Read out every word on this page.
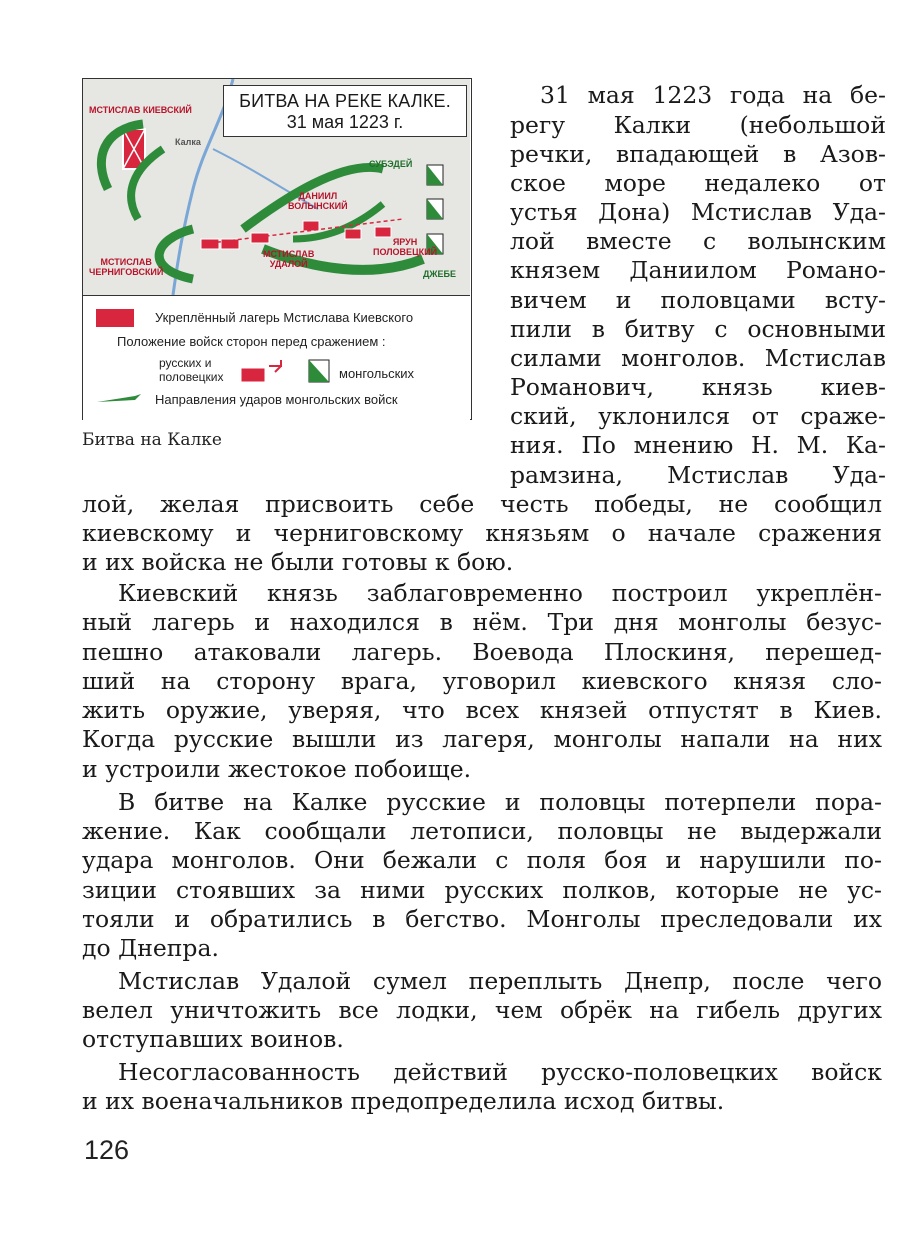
БИТВА НА РЕКЕ КАЛКЕ.
31 мая 1223 г.
МСТИСЛАВ КИЕВСКИЙ
Калка
СУБЭДЕЙ
ДАНИИЛ
ВОЛЫНСКИЙ
ЯРУН
ПОЛОВЕЦКИЙ
МСТИСЛАВ
УДАЛОЙ
МСТИСЛАВ
ЧЕРНИГОВСКИЙ	ДЖЕБЕ
Укреплённый лагерь Мстислава Киевского
Положение войск сторон перед сражением :
русских и
половецких	монгольских
Направления ударов монгольских войск
Битва на Калке
31 мая 1223 года на бе-
регу Калки (небольшой
речки, впадающей в Азов-
ское море недалеко от
устья Дона) Мстислав Уда-
лой вместе с волынским
князем Даниилом Романо-
вичем и половцами всту-
пили в битву с основными
силами монголов. Мстислав
Романович, князь киев-
ский, уклонился от сраже-
ния. По мнению Н. М. Ка-
рамзина, Мстислав Уда-
лой, желая присвоить себе честь победы, не сообщил
киевскому и черниговскому князьям о начале сражения
и их войска не были готовы к бою.
Киевский князь заблаговременно построил укреплён-
ный лагерь и находился в нём. Три дня монголы безус-
пешно атаковали лагерь. Воевода Плоскиня, перешед-
ший на сторону врага, уговорил киевского князя сло-
жить оружие, уверяя, что всех князей отпустят в Киев.
Когда русские вышли из лагеря, монголы напали на них
и устроили жестокое побоище.
В битве на Калке русские и половцы потерпели пора-
жение. Как сообщали летописи, половцы не выдержали
удара монголов. Они бежали с поля боя и нарушили по-
зиции стоявших за ними русских полков, которые не ус-
тояли и обратились в бегство. Монголы преследовали их
до Днепра.
Мстислав Удалой сумел переплыть Днепр, после чего
велел уничтожить все лодки, чем обрёк на гибель других
отступавших воинов.
Несогласованность действий русско-половецких войск
и их военачальников предопределила исход битвы.
126
